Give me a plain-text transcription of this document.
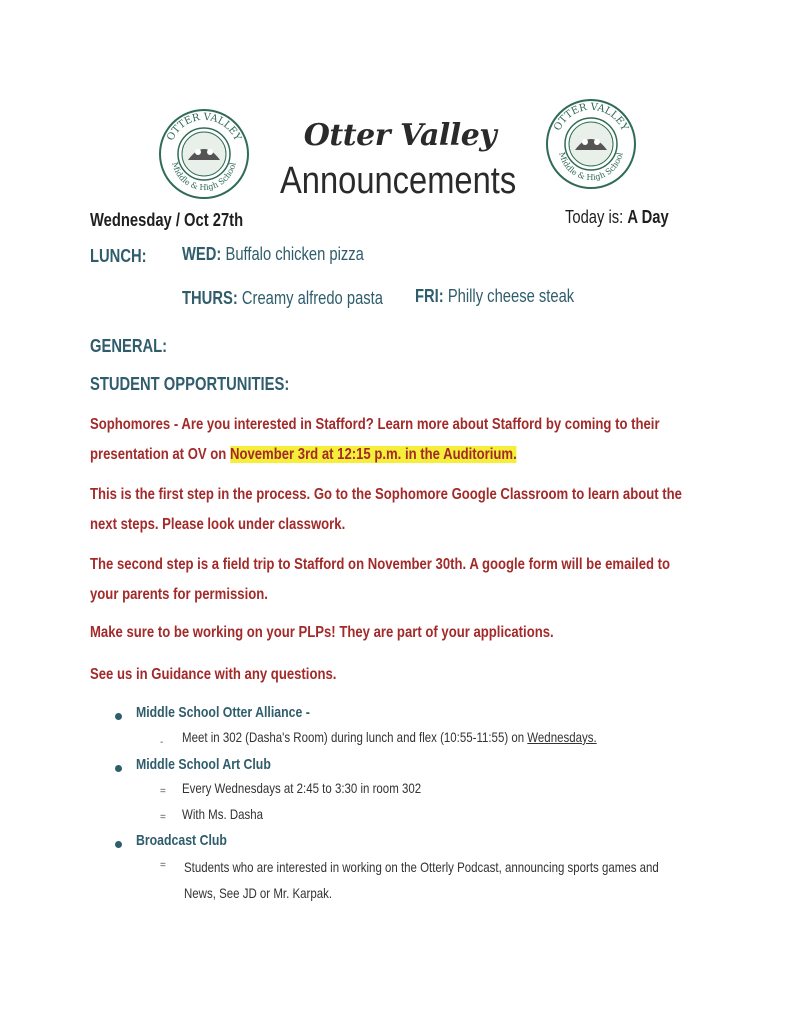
OTTER VALLEY
Middle & High School
OTTER VALLEY
Middle & High School
Otter Valley
Announcements
Wednesday / Oct 27th	Today is: A Day
LUNCH: WED: Buffalo chicken pizza
THURS: Creamy alfredo pasta FRI: Philly cheese steak
GENERAL:
STUDENT OPPORTUNITIES:
Sophomores - Are you interested in Stafford? Learn more about Stafford by coming to their
presentation at OV on November 3rd at 12:15 p.m. in the Auditorium.
This is the first step in the process. Go to the Sophomore Google Classroom to learn about the
next steps. Please look under classwork.
The second step is a field trip to Stafford on November 30th. A google form will be emailed to
your parents for permission.
Make sure to be working on your PLPs! They are part of your applications.
See us in Guidance with any questions.
Middle School Otter Alliance -
- Meet in 302 (Dasha's Room) during lunch and flex (10:55-11:55) on Wednesdays.
Middle School Art Club
= Every Wednesdays at 2:45 to 3:30 in room 302
= With Ms. Dasha
Broadcast Club
= Students who are interested in working on the Otterly Podcast, announcing sports games and
News, See JD or Mr. Karpak.
